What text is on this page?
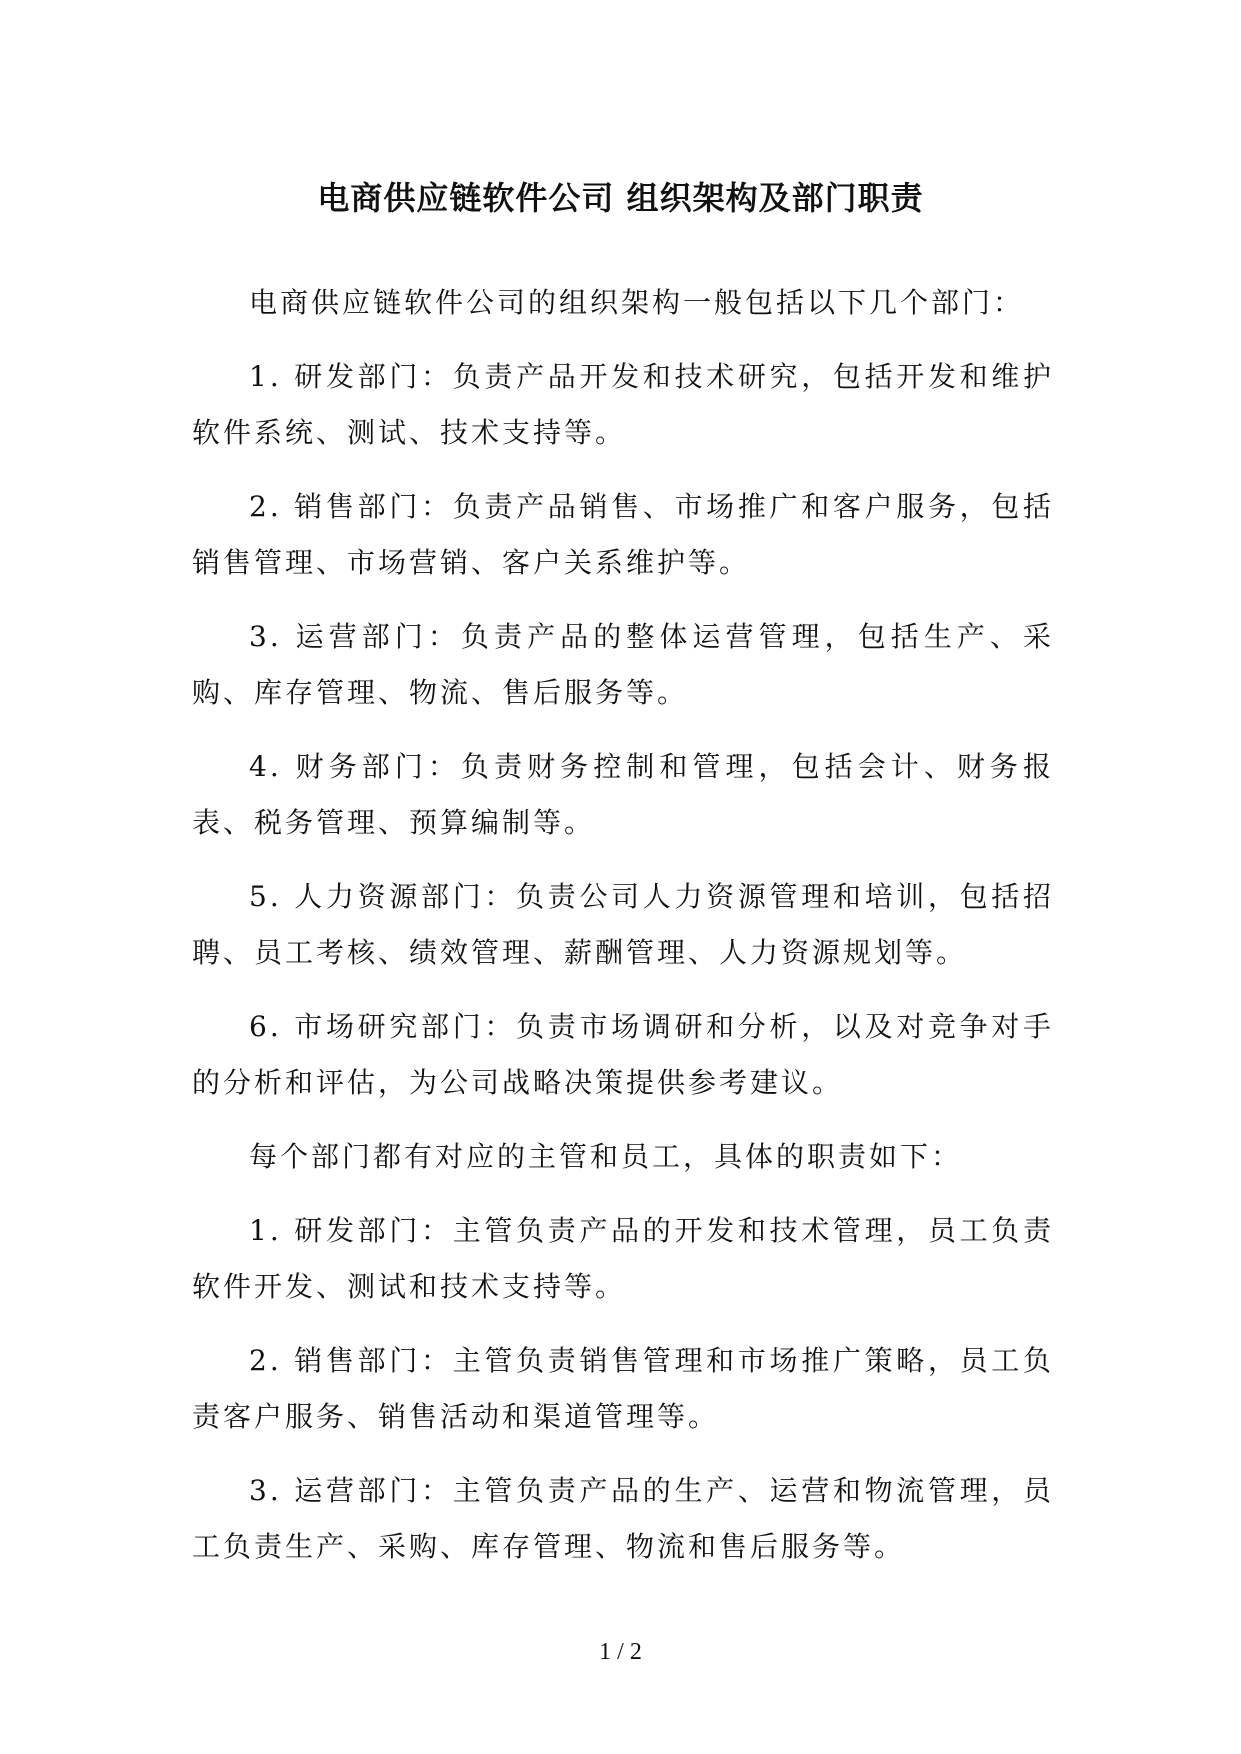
电商供应链软件公司 组织架构及部门职责

电商供应链软件公司的组织架构一般包括以下几个部门：

1. 研发部门：负责产品开发和技术研究，包括开发和维护软件系统、测试、技术支持等。

2. 销售部门：负责产品销售、市场推广和客户服务，包括销售管理、市场营销、客户关系维护等。

3. 运营部门：负责产品的整体运营管理，包括生产、采购、库存管理、物流、售后服务等。

4. 财务部门：负责财务控制和管理，包括会计、财务报表、税务管理、预算编制等。

5. 人力资源部门：负责公司人力资源管理和培训，包括招聘、员工考核、绩效管理、薪酬管理、人力资源规划等。

6. 市场研究部门：负责市场调研和分析，以及对竞争对手的分析和评估，为公司战略决策提供参考建议。

每个部门都有对应的主管和员工，具体的职责如下：

1. 研发部门：主管负责产品的开发和技术管理，员工负责软件开发、测试和技术支持等。

2. 销售部门：主管负责销售管理和市场推广策略，员工负责客户服务、销售活动和渠道管理等。

3. 运营部门：主管负责产品的生产、运营和物流管理，员工负责生产、采购、库存管理、物流和售后服务等。

1 / 2
